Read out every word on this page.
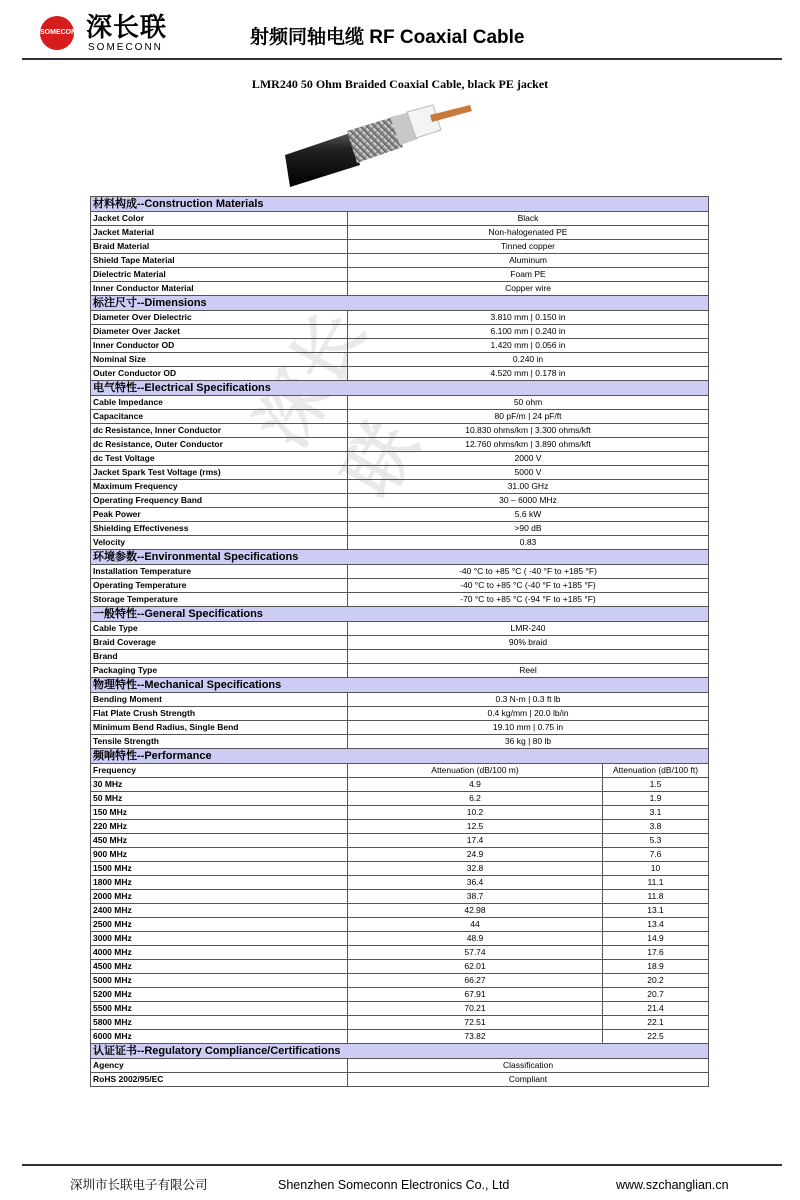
SOMECONN 深长联
SOMECONN	射频同轴电缆 RF Coaxial Cable
LMR240 50 Ohm Braided Coaxial Cable, black PE jacket
深长联
材料构成--Construction Materials		
Jacket Color	Black	
Jacket Material	Non-halogenated PE	
Braid Material	Tinned copper	
Shield Tape Material	Aluminum	
Dielectric Material	Foam PE	
Inner Conductor Material	Copper wire	
标注尺寸--Dimensions		
Diameter Over Dielectric	3.810 mm | 0.150 in	
Diameter Over Jacket	6.100 mm | 0.240 in	
Inner Conductor OD	1.420 mm | 0.056 in	
Nominal Size	0.240 in	
Outer Conductor OD	4.520 mm | 0.178 in	
电气特性--Electrical Specifications		
Cable Impedance	50 ohm	
Capacitance	80 pF/m | 24 pF/ft	
dc Resistance, Inner Conductor	10.830 ohms/km | 3.300 ohms/kft	
dc Resistance, Outer Conductor	12.760 ohms/km | 3.890 ohms/kft	
dc Test Voltage	2000 V	
Jacket Spark Test Voltage (rms)	5000 V	
Maximum Frequency	31.00 GHz	
Operating Frequency Band	30 – 6000 MHz	
Peak Power	5.6 kW	
Shielding Effectiveness	>90 dB	
Velocity	0.83	
环境参数--Environmental Specifications		
Installation Temperature	-40 °C to +85 °C ( -40 °F to +185 °F)	
Operating Temperature	-40 °C to +85 °C (-40 °F to +185 °F)	
Storage Temperature	-70 °C to +85 °C (-94 °F to +185 °F)	
一般特性--General Specifications		
Cable Type	LMR-240	
Braid Coverage	90% braid	
Brand		
Packaging Type	Reel	
物理特性--Mechanical Specifications		
Bending Moment	0.3 N-m | 0.3 ft lb	
Flat Plate Crush Strength	0.4 kg/mm | 20.0 lb/in	
Minimum Bend Radius, Single Bend	19.10 mm | 0.75 in	
Tensile Strength	36 kg | 80 lb	
频响特性--Performance		
Frequency	Attenuation (dB/100 m)	Attenuation (dB/100 ft)
30 MHz	4.9	1.5
50 MHz	6.2	1.9
150 MHz	10.2	3.1
220 MHz	12.5	3.8
450 MHz	17.4	5.3
900 MHz	24.9	7.6
1500 MHz	32.8	10
1800 MHz	36.4	11.1
2000 MHz	38.7	11.8
2400 MHz	42.98	13.1
2500 MHz	44	13.4
3000 MHz	48.9	14.9
4000 MHz	57.74	17.6
4500 MHz	62.01	18.9
5000 MHz	66.27	20.2
5200 MHz	67.91	20.7
5500 MHz	70.21	21.4
5800 MHz	72.51	22.1
6000 MHz	73.82	22.5
认证证书--Regulatory Compliance/Certifications		
Agency	Classification	
RoHS 2002/95/EC	Compliant	
深圳市长联电子有限公司	Shenzhen Someconn Electronics Co., Ltd	www.szchanglian.cn
